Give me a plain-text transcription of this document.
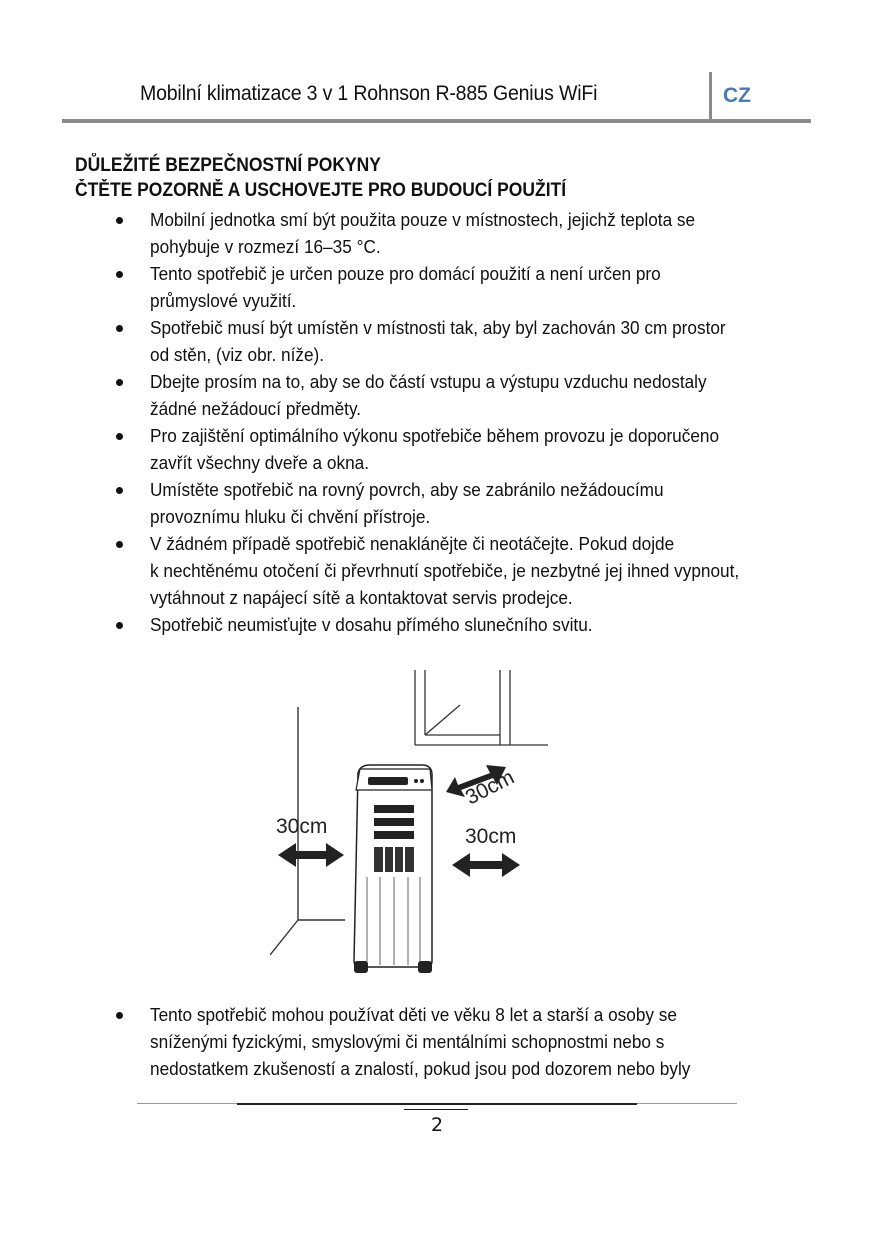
Mobilní klimatizace 3 v 1 Rohnson R-885 Genius WiFi	CZ
DŮLEŽITÉ BEZPEČNOSTNÍ POKYNY
ČTĚTE POZORNĚ A USCHOVEJTE PRO BUDOUCÍ POUŽITÍ
Mobilní jednotka smí být použita pouze v místnostech, jejichž teplota se
pohybuje v rozmezí 16–35 °C.
Tento spotřebič je určen pouze pro domácí použití a není určen pro
průmyslové využití.
Spotřebič musí být umístěn v místnosti tak, aby byl zachován 30 cm prostor
od stěn, (viz obr. níže).
Dbejte prosím na to, aby se do částí vstupu a výstupu vzduchu nedostaly
žádné nežádoucí předměty.
Pro zajištění optimálního výkonu spotřebiče během provozu je doporučeno
zavřít všechny dveře a okna.
Umístěte spotřebič na rovný povrch, aby se zabránilo nežádoucímu
provoznímu hluku či chvění přístroje.
V žádném případě spotřebič nenaklánějte či neotáčejte. Pokud dojde
k nechtěnému otočení či převrhnutí spotřebiče, je nezbytné jej ihned vypnout,
vytáhnout z napájecí sítě a kontaktovat servis prodejce.
Spotřebič neumisťujte v dosahu přímého slunečního svitu.
30cm	30cm
30cm
Tento spotřebič mohou používat děti ve věku 8 let a starší a osoby se
sníženými fyzickými, smyslovými či mentálními schopnostmi nebo s
nedostatkem zkušeností a znalostí, pokud jsou pod dozorem nebo byly
2
